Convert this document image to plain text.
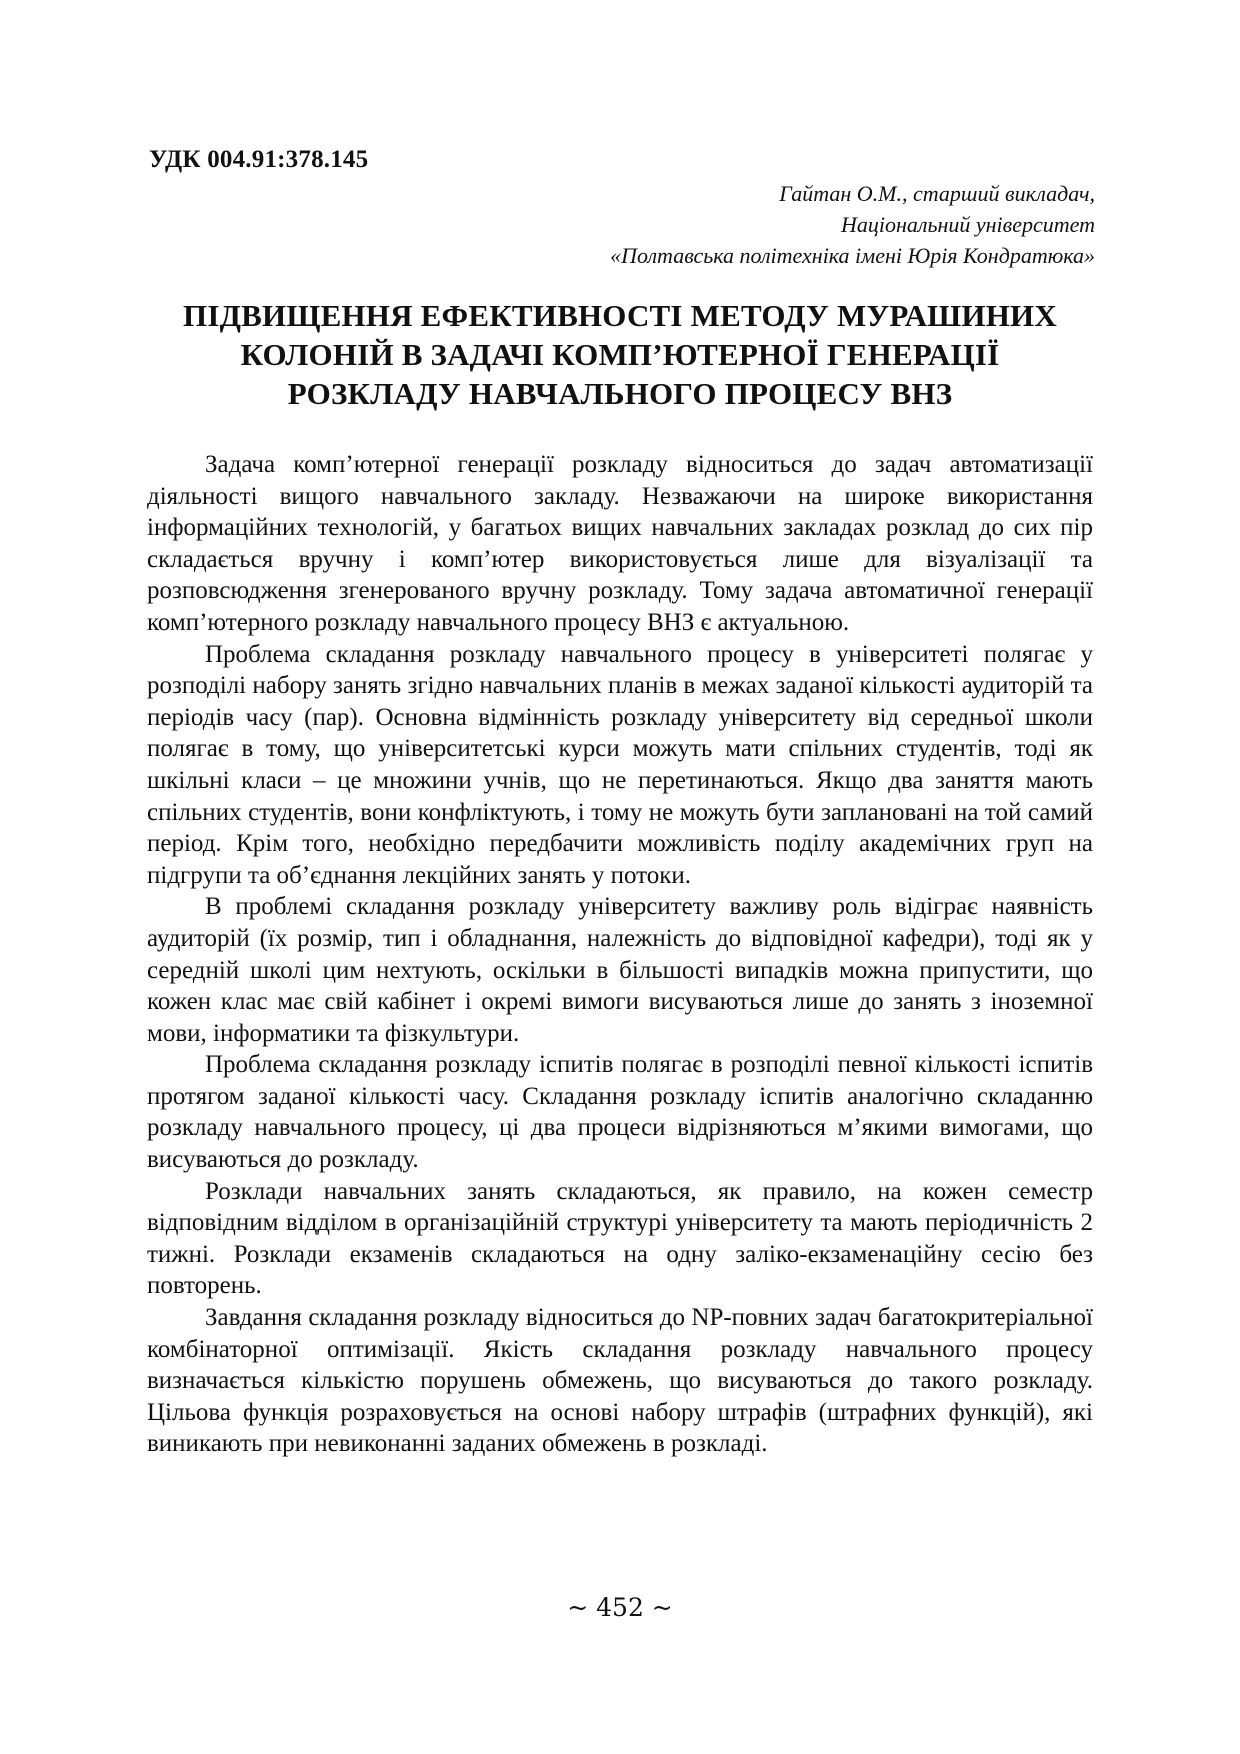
УДК 004.91:378.145
Гайтан О.М., старший викладач,
Національний університет
«Полтавська політехніка імені Юрія Кондратюка»
ПІДВИЩЕННЯ ЕФЕКТИВНОСТІ МЕТОДУ МУРАШИНИХ
КОЛОНІЙ В ЗАДАЧІ КОМП’ЮТЕРНОЇ ГЕНЕРАЦІЇ
РОЗКЛАДУ НАВЧАЛЬНОГО ПРОЦЕСУ ВНЗ

Задача комп’ютерної генерації розкладу відноситься до задач автоматизації діяльності вищого навчального закладу. Незважаючи на широке використання інформаційних технологій, у багатьох вищих навчальних закладах розклад до сих пір складається вручну і комп’ютер використовується лише для візуалізації та розповсюдження згенерованого вручну розкладу. Тому задача автоматичної генерації комп’ютерного розкладу навчального процесу ВНЗ є актуальною.

Проблема складання розкладу навчального процесу в університеті полягає у розподілі набору занять згідно навчальних планів в межах заданої кількості аудиторій та періодів часу (пар). Основна відмінність розкладу університету від середньої школи полягає в тому, що університетські курси можуть мати спільних студентів, тоді як шкільні класи – це множини учнів, що не перетинаються. Якщо два заняття мають спільних студентів, вони конфліктують, і тому не можуть бути заплановані на той самий період. Крім того, необхідно передбачити можливість поділу академічних груп на підгрупи та об’єднання лекційних занять у потоки.

В проблемі складання розкладу університету важливу роль відіграє наявність аудиторій (їх розмір, тип і обладнання, належність до відповідної кафедри), тоді як у середній школі цим нехтують, оскільки в більшості випадків можна припустити, що кожен клас має свій кабінет і окремі вимоги висуваються лише до занять з іноземної мови, інформатики та фізкультури.

Проблема складання розкладу іспитів полягає в розподілі певної кількості іспитів протягом заданої кількості часу. Складання розкладу іспитів аналогічно складанню розкладу навчального процесу, ці два процеси відрізняються м’якими вимогами, що висуваються до розкладу.

Розклади навчальних занять складаються, як правило, на кожен семестр відповідним відділом в організаційній структурі університету та мають періодичність 2 тижні. Розклади екзаменів складаються на одну заліко-екзаменаційну сесію без повторень.

Завдання складання розкладу відноситься до NP-повних задач багатокритеріальної комбінаторної оптимізації. Якість складання розкладу навчального процесу визначається кількістю порушень обмежень, що висуваються до такого розкладу. Цільова функція розраховується на основі набору штрафів (штрафних функцій), які виникають при невиконанні заданих обмежень в розкладі.

~ 452 ~
